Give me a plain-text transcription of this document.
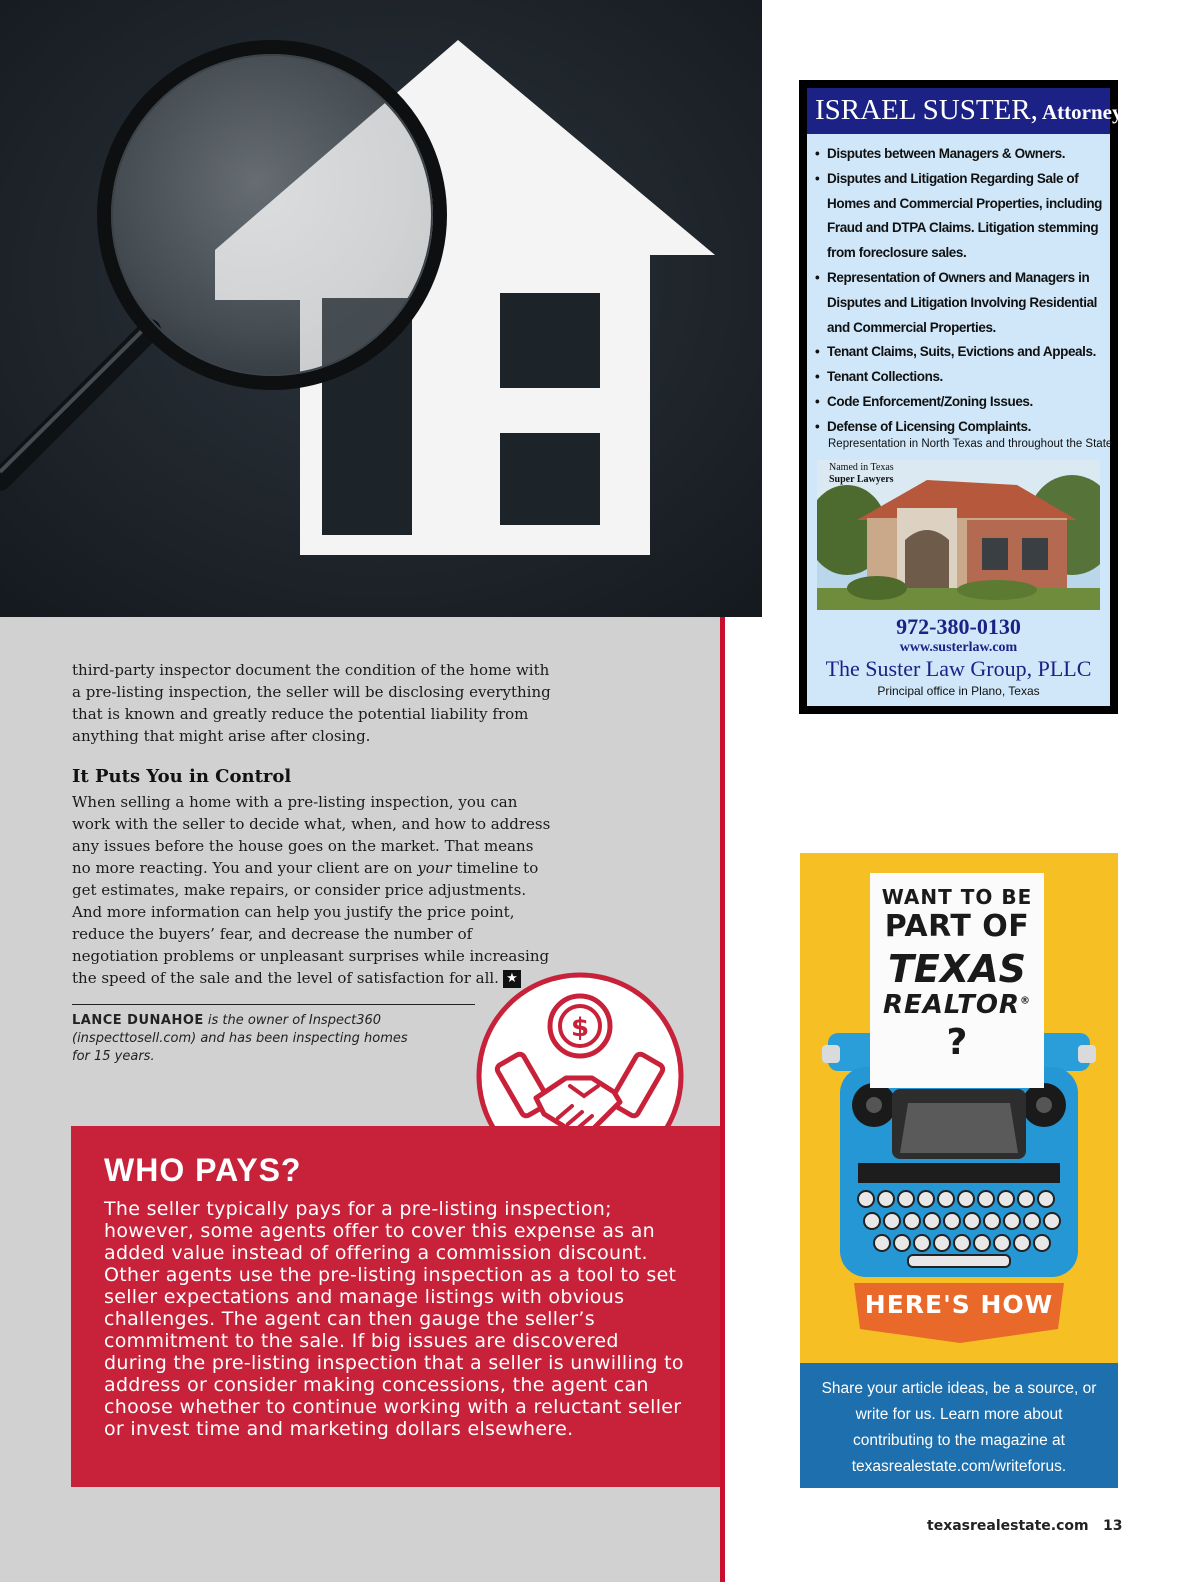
third-party inspector document the condition of the home with a pre-listing inspection, the seller will be disclosing everything that is known and greatly reduce the potential liability from anything that might arise after closing.

It Puts You in Control

When selling a home with a pre-listing inspection, you can work with the seller to decide what, when, and how to address any issues before the house goes on the market. That means no more reacting. You and your client are on your timeline to get estimates, make repairs, or consider price adjustments. And more information can help you justify the price point, reduce the buyers’ fear, and decrease the number of negotiation problems or unpleasant surprises while increasing the speed of the sale and the level of satisfaction for all. ★

LANCE DUNAHOE is the owner of Inspect360 (inspecttosell.com) and has been inspecting homes for 15 years.
$
WHO PAYS?
The seller typically pays for a pre-listing inspection; however, some agents offer to cover this expense as an added value instead of offering a commission discount. Other agents use the pre-listing inspection as a tool to set seller expectations and manage listings with obvious challenges. The agent can then gauge the seller’s commitment to the sale. If big issues are discovered during the pre-listing inspection that a seller is unwilling to address or consider making concessions, the agent can choose whether to continue working with a reluctant seller or invest time and marketing dollars elsewhere.
ISRAEL SUSTER, Attorney
• Disputes between Managers & Owners.
• Disputes and Litigation Regarding Sale of Homes and Commercial Properties, including Fraud and DTPA Claims. Litigation stemming from foreclosure sales.
• Representation of Owners and Managers in Disputes and Litigation Involving Residential and Commercial Properties.
• Tenant Claims, Suits, Evictions and Appeals.
• Tenant Collections.
• Code Enforcement/Zoning Issues.
• Defense of Licensing Complaints.
Representation in North Texas and throughout the State
Named in Texas
Super Lawyers
972-380-0130
www.susterlaw.com
The Suster Law Group, PLLC
Principal office in Plano, Texas
WANT TO BE
PART OF
TEXAS
REALTOR®
?
HERE'S HOW
Share your article ideas, be a source, or write for us. Learn more about contributing to the magazine at texasrealestate.com/writeforus.
texasrealestate.com 13
